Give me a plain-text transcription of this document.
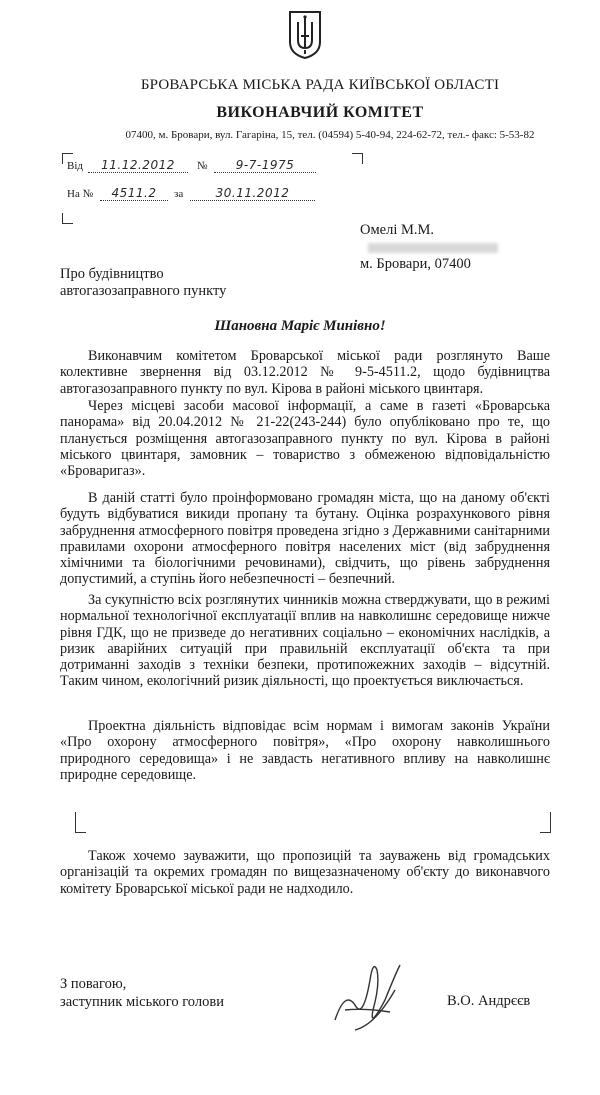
БРОВАРСЬКА МІСЬКА РАДА КИЇВСЬКОЇ ОБЛАСТІ
ВИКОНАВЧИЙ КОМІТЕТ
07400, м. Бровари, вул. Гагаріна, 15, тел. (04594) 5-40-94, 224-62-72, тел.- факс: 5-53-82
Від	11.12.2012	№	9-7-1975
На №	4511.2	за	30.11.2012
Омелі М.М.
м. Бровари, 07400
Про будівництво
автогазозаправного пункту
Шановна Маріє Минівно!
Виконавчим комітетом Броварської міської ради розглянуто Ваше колективне звернення від 03.12.2012 № 9-5-4511.2, щодо будівництва автогазозаправного пункту по вул. Кірова в районі міського цвинтаря.
Через місцеві засоби масової інформації, а саме в газеті «Броварська панорама» від 20.04.2012 № 21-22(243-244) було опубліковано про те, що планується розміщення автогазозаправного пункту по вул. Кірова в районі міського цвинтаря, замовник – товариство з обмеженою відповідальністю «Броваригаз».
В даній статті було проінформовано громадян міста, що на даному об'єкті будуть відбуватися викиди пропану та бутану. Оцінка розрахункового рівня забруднення атмосферного повітря проведена згідно з Державними санітарними правилами охорони атмосферного повітря населених міст (від забруднення хімічними та біологічними речовинами), свідчить, що рівень забруднення допустимий, а ступінь його небезпечності – безпечний.
За сукупністю всіх розглянутих чинників можна стверджувати, що в режимі нормальної технологічної експлуатації вплив на навколишнє середовище нижче рівня ГДК, що не призведе до негативних соціально – економічних наслідків, а ризик аварійних ситуацій при правильній експлуатації об'єкта та при дотриманні заходів з техніки безпеки, протипожежних заходів – відсутній. Таким чином, екологічний ризик діяльності, що проектується виключається.
Проектна діяльність відповідає всім нормам і вимогам законів України «Про охорону атмосферного повітря», «Про охорону навколишнього природного середовища» і не завдасть негативного впливу на навколишнє природне середовище.
Також хочемо зауважити, що пропозицій та зауважень від громадських організацій та окремих громадян по вищезазначеному об'єкту до виконавчого комітету Броварської міської ради не надходило.
З повагою,
заступник міського голови	В.О. Андрєєв
